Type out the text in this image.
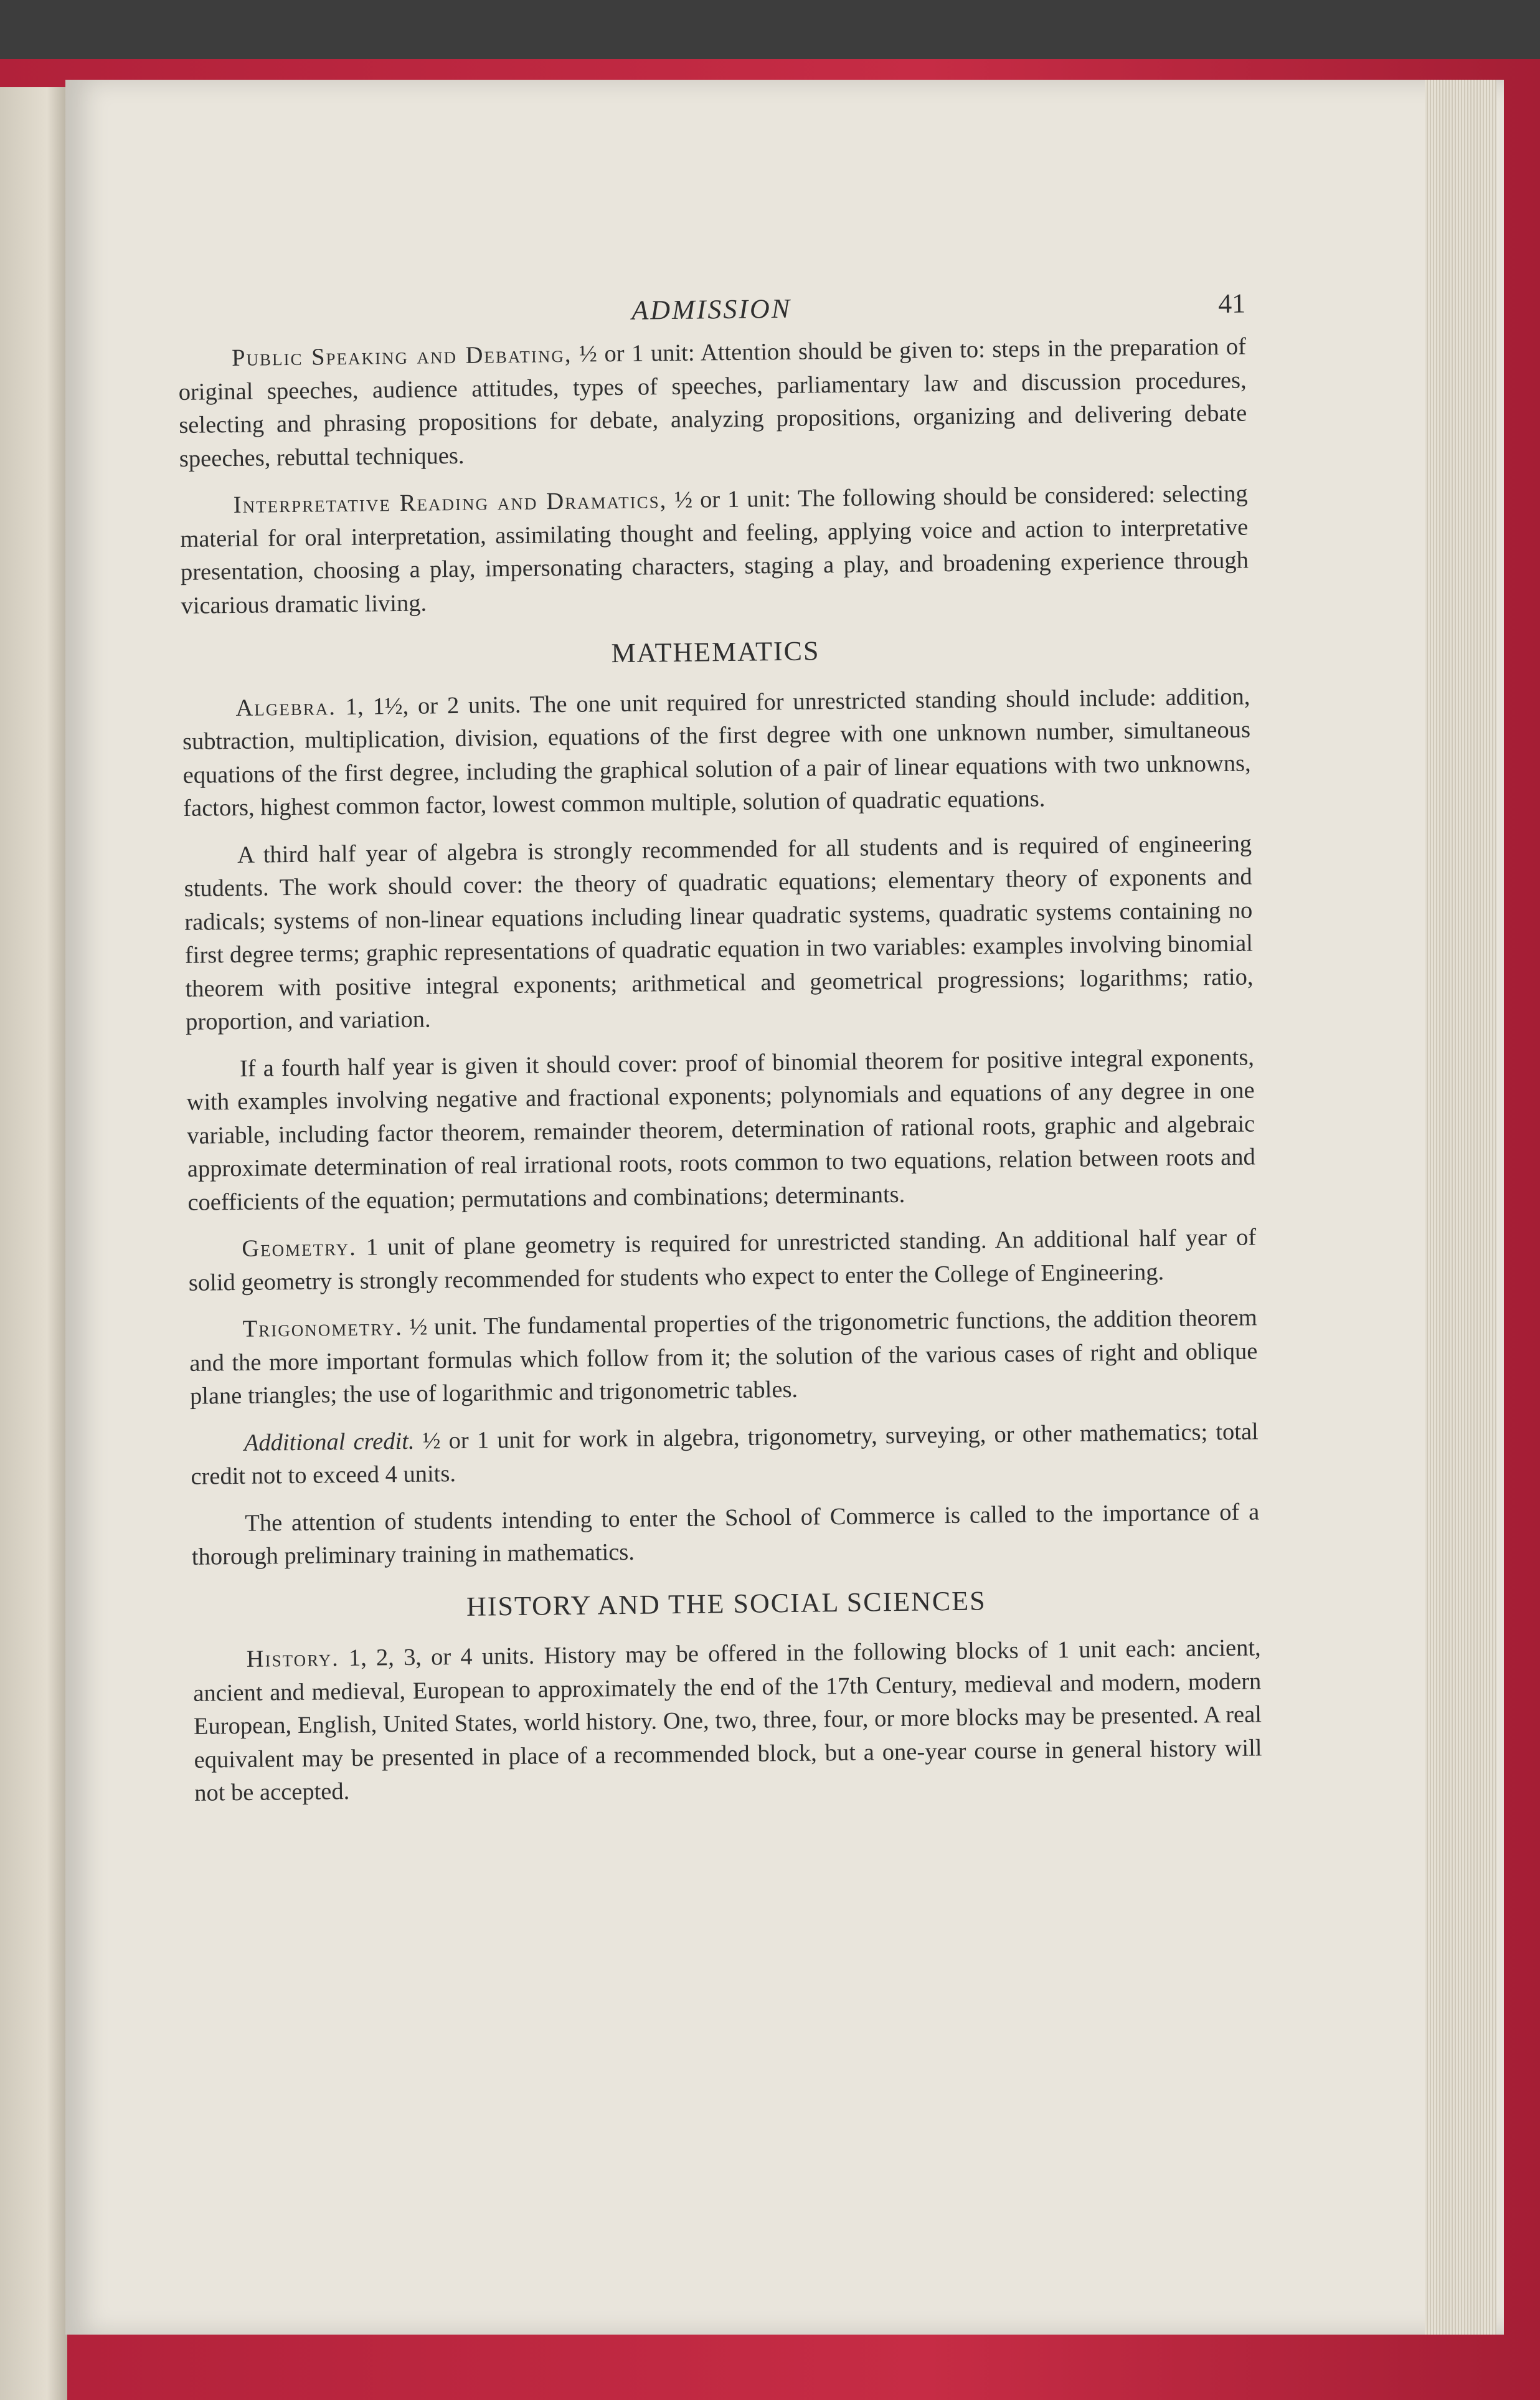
ADMISSION	41

Public Speaking and Debating, ½ or 1 unit: Attention should be given to: steps in the preparation of original speeches, audience attitudes, types of speeches, parliamentary law and discussion procedures, selecting and phrasing propositions for debate, analyzing propositions, organizing and delivering debate speeches, rebuttal techniques.

Interpretative Reading and Dramatics, ½ or 1 unit: The following should be considered: selecting material for oral interpretation, assimilating thought and feeling, applying voice and action to interpretative presentation, choosing a play, impersonating characters, staging a play, and broadening experience through vicarious dramatic living.

MATHEMATICS

Algebra. 1, 1½, or 2 units. The one unit required for unrestricted standing should include: addition, subtraction, multiplication, division, equations of the first degree with one unknown number, simultaneous equations of the first degree, including the graphical solution of a pair of linear equations with two unknowns, factors, highest common factor, lowest common multiple, solution of quadratic equations.

A third half year of algebra is strongly recommended for all students and is required of engineering students. The work should cover: the theory of quadratic equations; elementary theory of exponents and radicals; systems of non-linear equations including linear quadratic systems, quadratic systems containing no first degree terms; graphic representations of quadratic equation in two variables: examples involving binomial theorem with positive integral exponents; arithmetical and geometrical progressions; logarithms; ratio, proportion, and variation.

If a fourth half year is given it should cover: proof of binomial theorem for positive integral exponents, with examples involving negative and fractional exponents; polynomials and equations of any degree in one variable, including factor theorem, remainder theorem, determination of rational roots, graphic and algebraic approximate determination of real irrational roots, roots common to two equations, relation between roots and coefficients of the equation; permutations and combinations; determinants.

Geometry. 1 unit of plane geometry is required for unrestricted standing. An additional half year of solid geometry is strongly recommended for students who expect to enter the College of Engineering.

Trigonometry. ½ unit. The fundamental properties of the trigonometric functions, the addition theorem and the more important formulas which follow from it; the solution of the various cases of right and oblique plane triangles; the use of logarithmic and trigonometric tables.

Additional credit. ½ or 1 unit for work in algebra, trigonometry, surveying, or other mathematics; total credit not to exceed 4 units.

The attention of students intending to enter the School of Commerce is called to the importance of a thorough preliminary training in mathematics.

HISTORY AND THE SOCIAL SCIENCES

History. 1, 2, 3, or 4 units. History may be offered in the following blocks of 1 unit each: ancient, ancient and medieval, European to approximately the end of the 17th Century, medieval and modern, modern European, English, United States, world history. One, two, three, four, or more blocks may be presented. A real equivalent may be presented in place of a recommended block, but a one-year course in general history will not be accepted.
